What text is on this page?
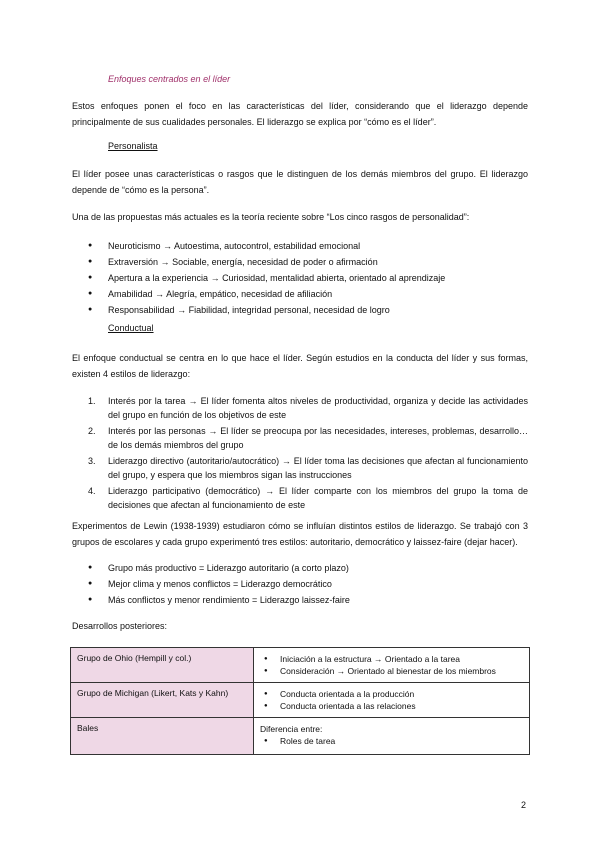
Enfoques centrados en el líder
Estos enfoques ponen el foco en las características del líder, considerando que el liderazgo depende principalmente de sus cualidades personales. El liderazgo se explica por “cómo es el líder”.
Personalista
El líder posee unas características o rasgos que le distinguen de los demás miembros del grupo. El liderazgo depende de “cómo es la persona”.
Una de las propuestas más actuales es la teoría reciente sobre “Los cinco rasgos de personalidad”:
● Neuroticismo → Autoestima, autocontrol, estabilidad emocional
● Extraversión → Sociable, energía, necesidad de poder o afirmación
● Apertura a la experiencia → Curiosidad, mentalidad abierta, orientado al aprendizaje
● Amabilidad → Alegría, empático, necesidad de afiliación
● Responsabilidad → Fiabilidad, integridad personal, necesidad de logro
Conductual
El enfoque conductual se centra en lo que hace el líder. Según estudios en la conducta del líder y sus formas, existen 4 estilos de liderazgo:
1. Interés por la tarea → El líder fomenta altos niveles de productividad, organiza y decide las actividades del grupo en función de los objetivos de este
2. Interés por las personas → El líder se preocupa por las necesidades, intereses, problemas, desarrollo… de los demás miembros del grupo
3. Liderazgo directivo (autoritario/autocrático) → El líder toma las decisiones que afectan al funcionamiento del grupo, y espera que los miembros sigan las instrucciones
4. Liderazgo participativo (democrático) → El líder comparte con los miembros del grupo la toma de decisiones que afectan al funcionamiento de este
Experimentos de Lewin (1938-1939) estudiaron cómo se influían distintos estilos de liderazgo. Se trabajó con 3 grupos de escolares y cada grupo experimentó tres estilos: autoritario, democrático y laissez-faire (dejar hacer).
● Grupo más productivo = Liderazgo autoritario (a corto plazo)
● Mejor clima y menos conflictos = Liderazgo democrático
● Más conflictos y menor rendimiento = Liderazgo laissez-faire
Desarrollos posteriores:
Grupo de Ohio (Hempill y col.)	● Iniciación a la estructura → Orientado a la tarea
● Consideración → Orientado al bienestar de los miembros

Grupo de Michigan (Likert, Kats y Kahn)	● Conducta orientada a la producción
● Conducta orientada a las relaciones

Bales	Diferencia entre:
● Roles de tarea
2
